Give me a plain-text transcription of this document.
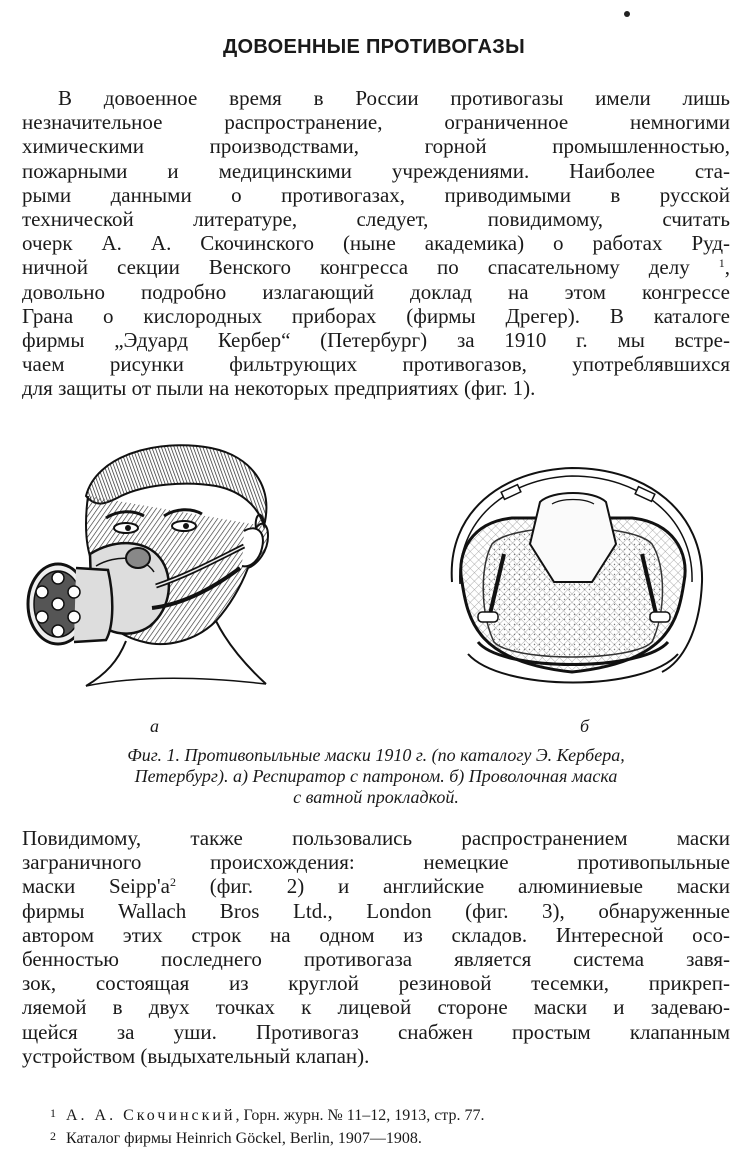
ДОВОЕННЫЕ ПРОТИВОГАЗЫ
В довоенное время в России противогазы имели лишь
незначительное распространение, ограниченное немногими
химическими производствами, горной промышленностью,
пожарными и медицинскими учреждениями. Наиболее ста-
рыми данными о противогазах, приводимыми в русской
технической литературе, следует, повидимому, считать
очерк А. А. Скочинского (ныне академика) о работах Руд-
ничной секции Венского конгресса по спасательному делу $^1$,
довольно подробно излагающий доклад на этом конгрессе
Грана о кислородных приборах (фирмы Дрегер). В каталоге
фирмы „Эдуард Кербер“ (Петербург) за 1910 г. мы встре-
чаем рисунки фильтрующих противогазов, употреблявшихся
для защиты от пыли на некоторых предприятиях (фиг. 1).
а	б
Фиг. 1. Противопыльные маски 1910 г. (по каталогу Э. Кербера,
Петербург). а) Респиратор с патроном. б) Проволочная маска
с ватной прокладкой.
Повидимому, также пользовались распространением маски
заграничного происхождения: немецкие противопыльные
маски $Seipp'a^2$ (фиг. 2) и английские алюминиевые маски
фирмы Wallach Bros Ltd., London (фиг. 3), обнаруженные
автором этих строк на одном из складов. Интересной осо-
бенностью последнего противогаза является система завя-
зок, состоящая из круглой резиновой тесемки, прикреп-
ляемой в двух точках к лицевой стороне маски и задеваю-
щейся за уши. Противогаз снабжен простым клапанным
устройством (выдыхательный клапан).
1 А. А. Скочинский, Горн. журн. № 11–12, 1913, стр. 77.
2 Каталог фирмы Heinrich Göckel, Berlin, 1907—1908.
